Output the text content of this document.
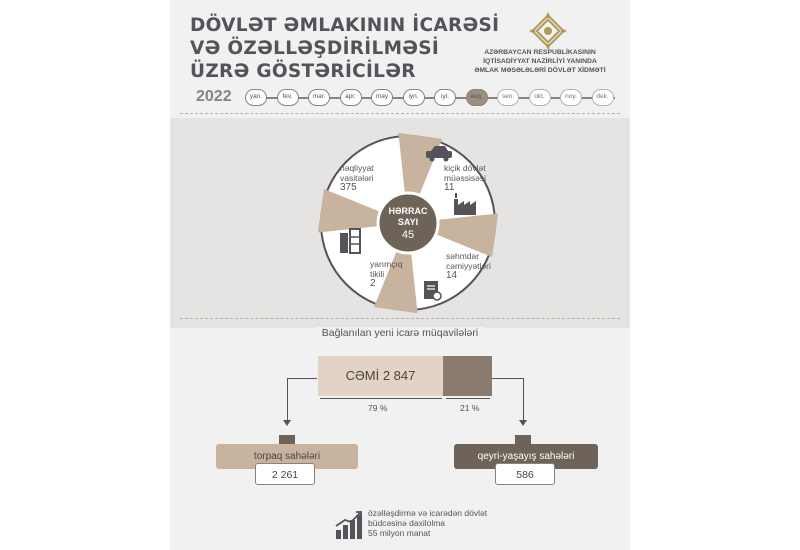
DÖVLƏT ƏMLAKININ İCARƏSİ
VƏ ÖZƏLLƏŞDİRİLMƏSİ
ÜZRƏ GÖSTƏRİCİLƏR
AZƏRBAYCAN RESPUBLİKASININ
İQTİSADİYYAT NAZİRLİYİ YANINDA
ƏMLAK MƏSƏLƏLƏRİ DÖVLƏT XİDMƏTİ
2022	yan.	fev.	mar.	apr.	may	iyn.	iyl.	avq.	sen.	okt.	noy.	dek.
nəqliyyat
vasitələri
375
kiçik dövlət
müəssisəsi
11
səhmdar
cəmiyyətləri
14
yarımçıq
tikili
2
HƏRRAC
SAYI
45
Bağlanılan yeni icarə müqavilələri
CƏMİ 2 847
79 %	21 %
torpaq sahələri
2 261
qeyri-yaşayış sahələri
586
özəlləşdirmə və icarədən dövlət
büdcəsinə daxilolma
55 milyon manat
